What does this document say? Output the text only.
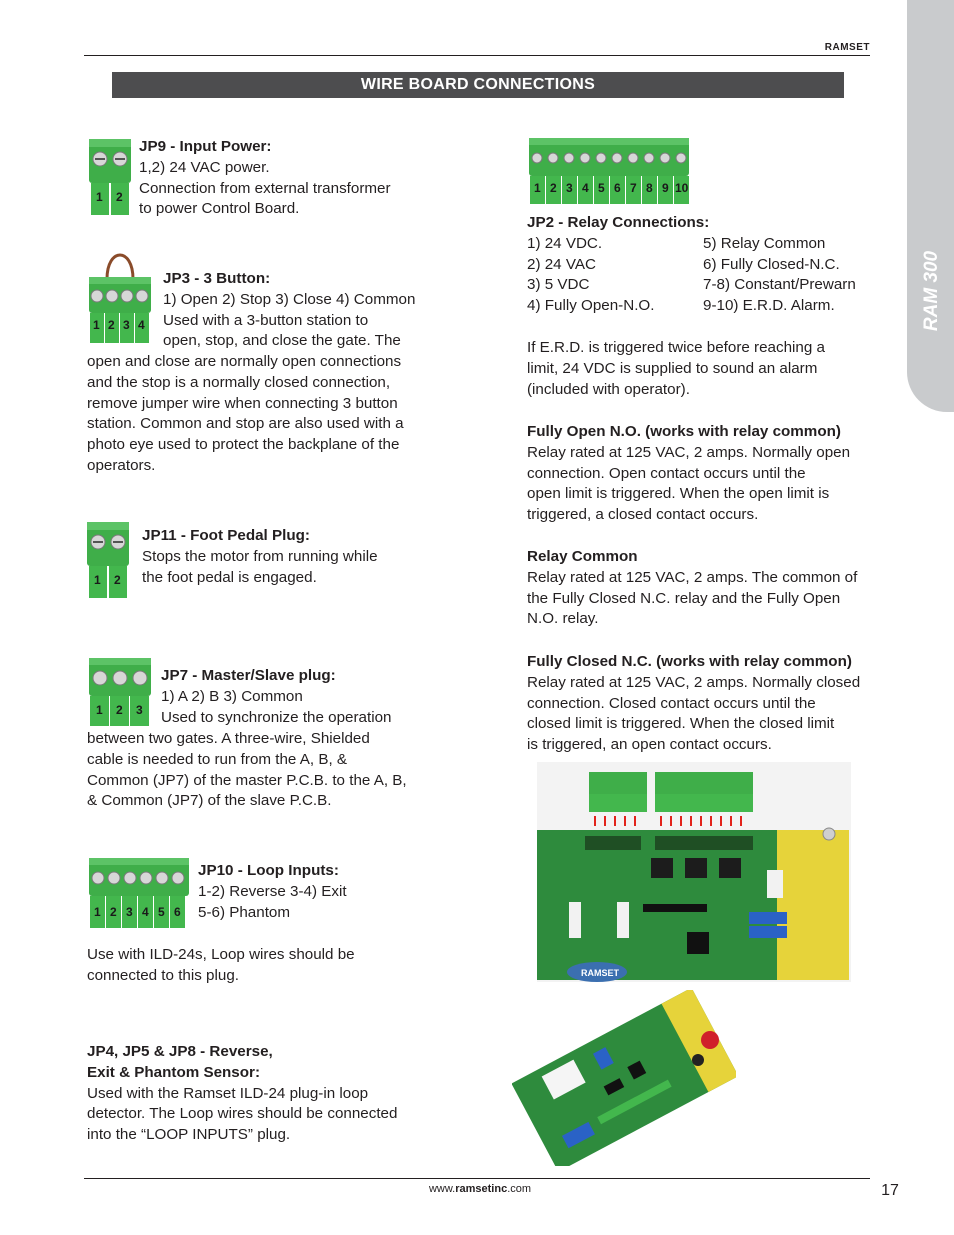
RAM 300
RAMSET
WIRE BOARD CONNECTIONS
1 2
JP9 - Input Power:
1,2) 24 VAC power.
Connection from external transformer
to power Control Board.
1 2 3 4
JP3 - 3 Button:
1) Open 2) Stop 3) Close 4) Common
Used with a 3-button station to
open, stop, and close the gate. The
open and close are normally open connections
and the stop is a normally closed connection,
remove jumper wire when connecting 3 button
station. Common and stop are also used with a
photo eye used to protect the backplane of the
operators.
1 2
JP11 - Foot Pedal Plug:
Stops the motor from running while
the foot pedal is engaged.
1 2 3
JP7 - Master/Slave plug:
1) A 2) B 3) Common
Used to synchronize the operation
between two gates. A three-wire, Shielded
cable is needed to run from the A, B, &
Common (JP7) of the master P.C.B. to the A, B,
& Common (JP7) of the slave P.C.B.
1 2 3 4 5 6
JP10 - Loop Inputs:
1-2) Reverse 3-4) Exit
5-6) Phantom
Use with ILD-24s, Loop wires should be
connected to this plug.
JP4, JP5 & JP8 - Reverse,
Exit & Phantom Sensor:
Used with the Ramset ILD-24 plug-in loop
detector. The Loop wires should be connected
into the “LOOP INPUTS” plug.
1 2 3 4 5 6 7 8 9 10
JP2 - Relay Connections:
1) 24 VDC.
2) 24 VAC
3) 5 VDC
4) Fully Open-N.O.
5) Relay Common
6) Fully Closed-N.C.
7-8) Constant/Prewarn
9-10) E.R.D. Alarm.
If E.R.D. is triggered twice before reaching a
limit, 24 VDC is supplied to sound an alarm
(included with operator).
Fully Open N.O. (works with relay common)
Relay rated at 125 VAC, 2 amps. Normally open
connection. Open contact occurs until the
open limit is triggered. When the open limit is
triggered, a closed contact occurs.
Relay Common
Relay rated at 125 VAC, 2 amps. The common of
the Fully Closed N.C. relay and the Fully Open
N.O. relay.
Fully Closed N.C. (works with relay common)
Relay rated at 125 VAC, 2 amps. Normally closed
connection. Closed contact occurs until the
closed limit is triggered. When the closed limit
is triggered, an open contact occurs.
RAMSET
www.ramsetinc.com	17
